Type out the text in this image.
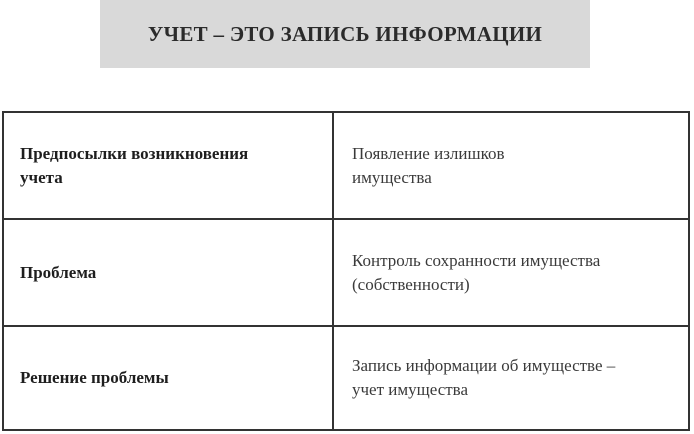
УЧЕТ – ЭТО ЗАПИСЬ ИНФОРМАЦИИ
Предпосылки возникновения
учета
Появление излишков
имущества
Проблема
Контроль сохранности имущества
(собственности)
Решение проблемы
Запись информации об имуществе –
учет имущества
